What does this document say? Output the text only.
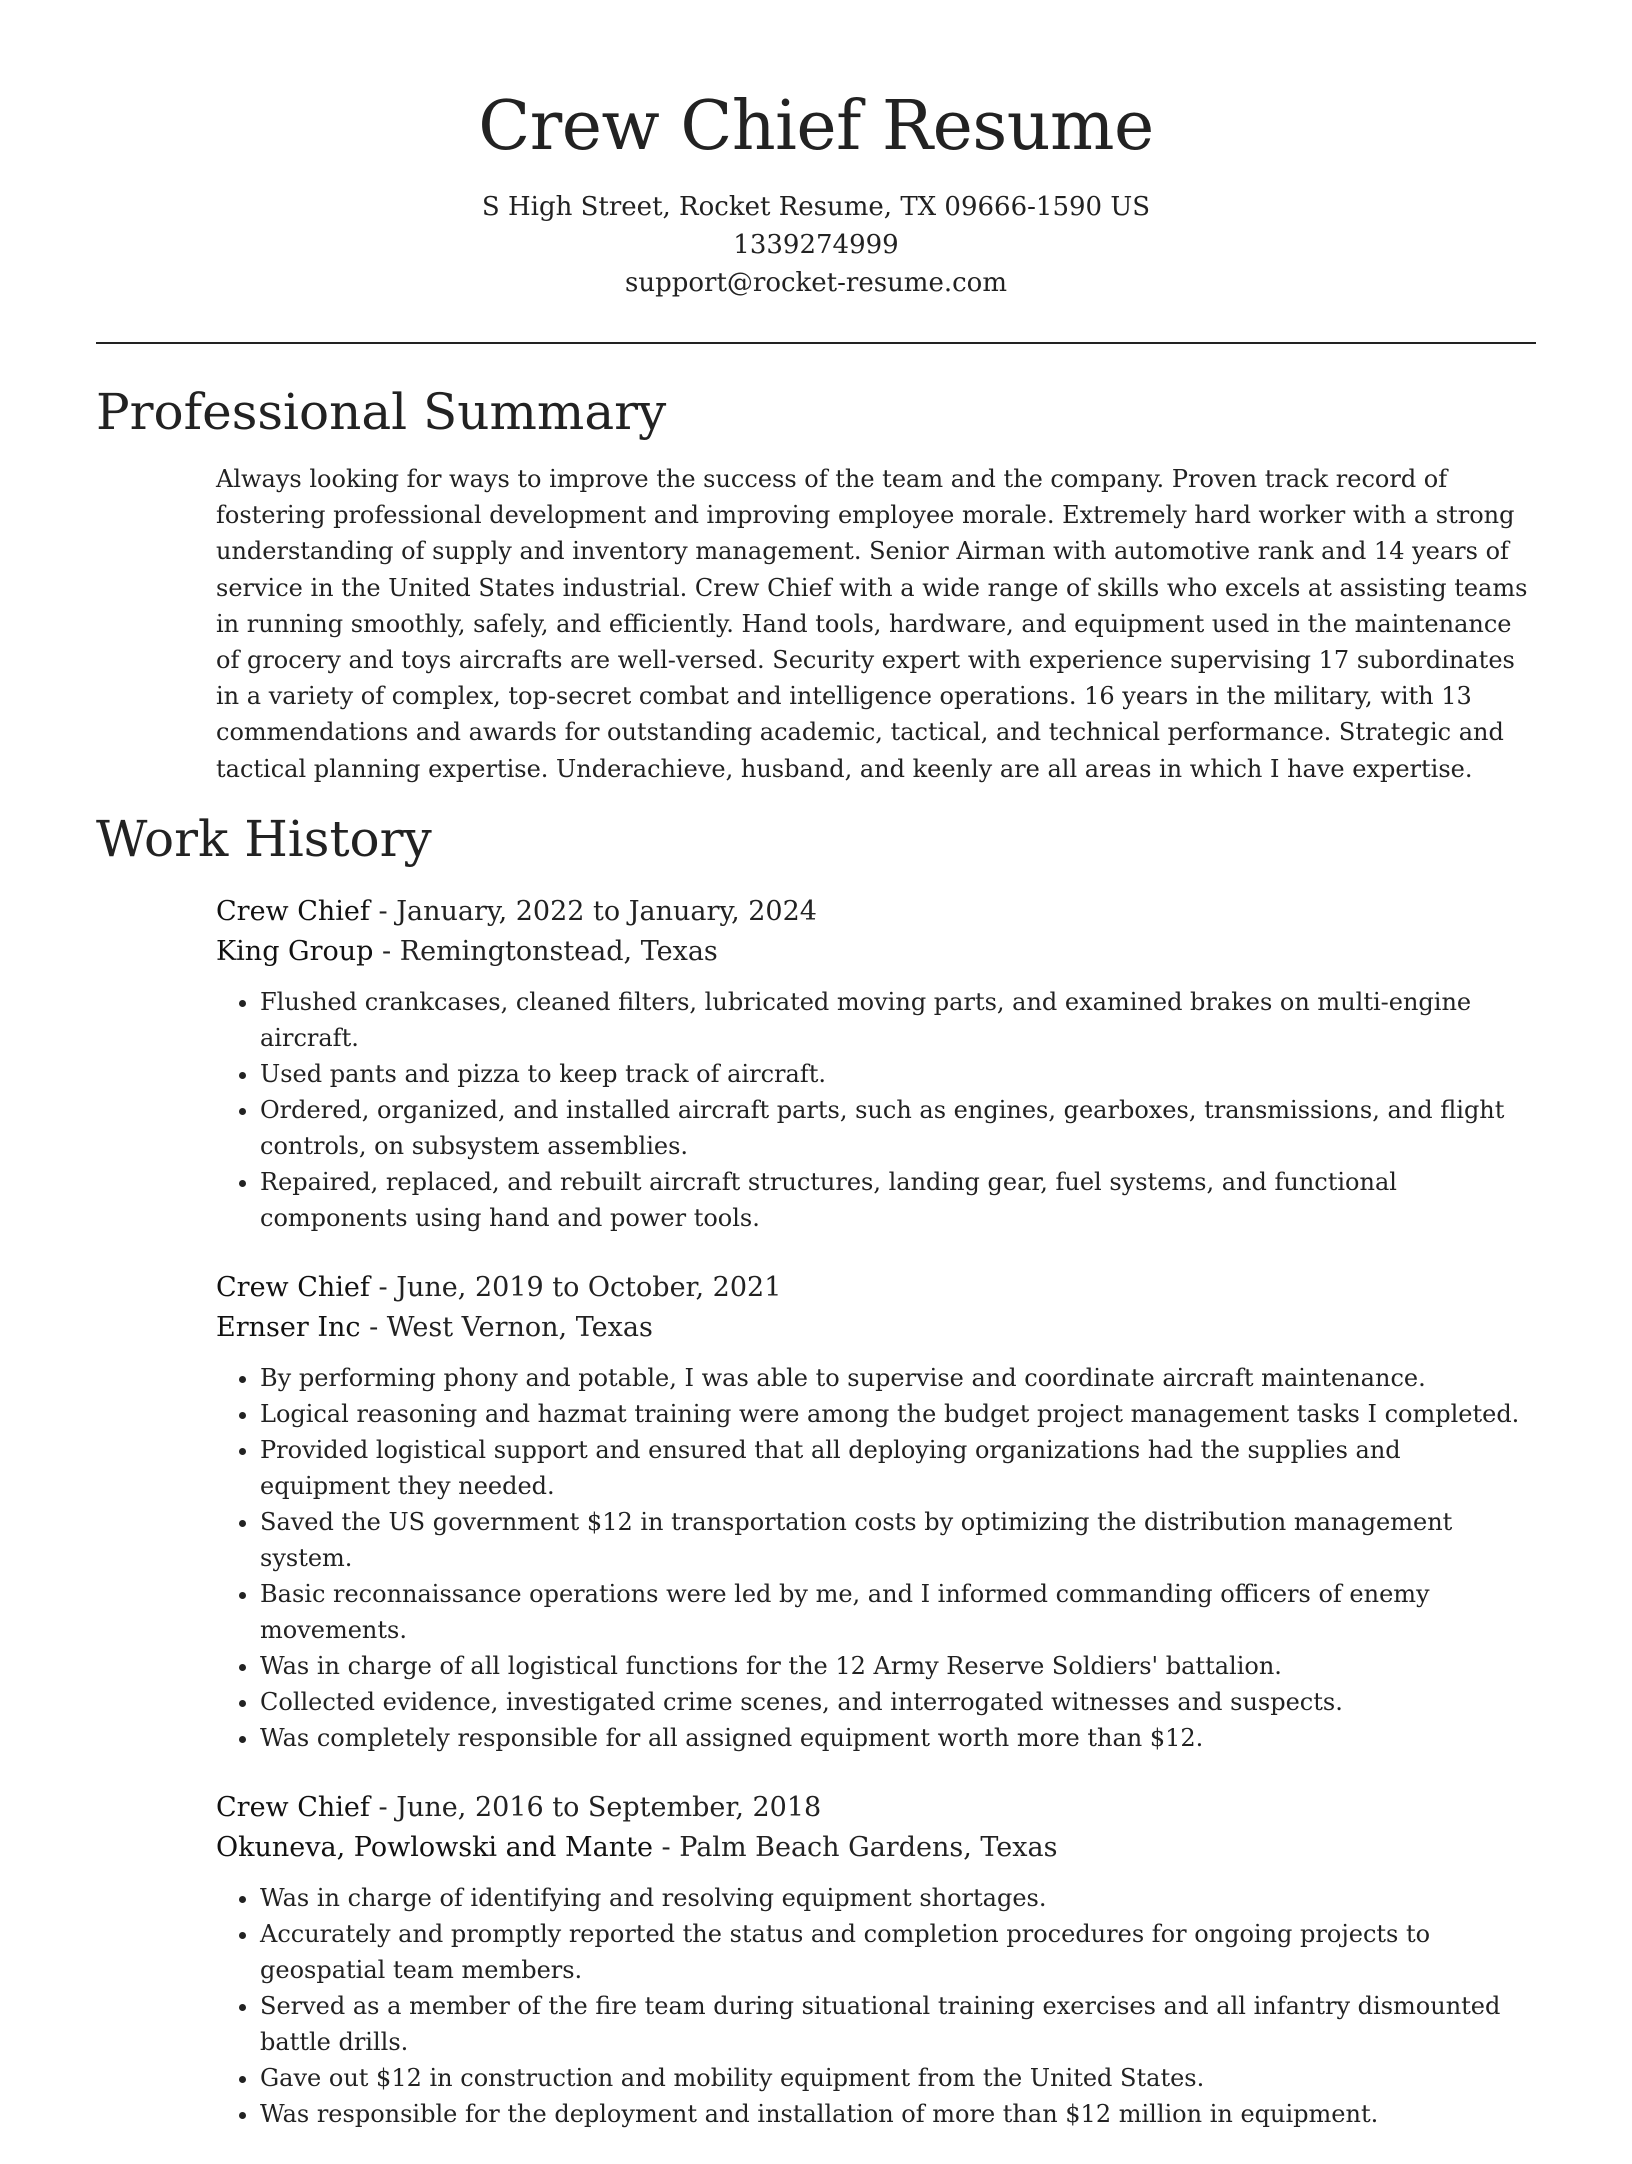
Crew Chief Resume
S High Street, Rocket Resume, TX 09666-1590 US
1339274999
support@rocket-resume.com
Professional Summary

Always looking for ways to improve the success of the team and the company. Proven track record of fostering professional development and improving employee morale. Extremely hard worker with a strong understanding of supply and inventory management. Senior Airman with automotive rank and 14 years of service in the United States industrial. Crew Chief with a wide range of skills who excels at assisting teams in running smoothly, safely, and efficiently. Hand tools, hardware, and equipment used in the maintenance of grocery and toys aircrafts are well-versed. Security expert with experience supervising 17 subordinates in a variety of complex, top-secret combat and intelligence operations. 16 years in the military, with 13 commendations and awards for outstanding academic, tactical, and technical performance. Strategic and tactical planning expertise. Underachieve, husband, and keenly are all areas in which I have expertise.

Work History
Crew Chief - January, 2022 to January, 2024
King Group - Remingtonstead, Texas
• Flushed crankcases, cleaned filters, lubricated moving parts, and examined brakes on multi-engine aircraft.
• Used pants and pizza to keep track of aircraft.
• Ordered, organized, and installed aircraft parts, such as engines, gearboxes, transmissions, and flight controls, on subsystem assemblies.
• Repaired, replaced, and rebuilt aircraft structures, landing gear, fuel systems, and functional components using hand and power tools.
Crew Chief - June, 2019 to October, 2021
Ernser Inc - West Vernon, Texas
• By performing phony and potable, I was able to supervise and coordinate aircraft maintenance.
• Logical reasoning and hazmat training were among the budget project management tasks I completed.
• Provided logistical support and ensured that all deploying organizations had the supplies and equipment they needed.
• Saved the US government $12 in transportation costs by optimizing the distribution management system.
• Basic reconnaissance operations were led by me, and I informed commanding officers of enemy movements.
• Was in charge of all logistical functions for the 12 Army Reserve Soldiers' battalion.
• Collected evidence, investigated crime scenes, and interrogated witnesses and suspects.
• Was completely responsible for all assigned equipment worth more than $12.
Crew Chief - June, 2016 to September, 2018
Okuneva, Powlowski and Mante - Palm Beach Gardens, Texas
• Was in charge of identifying and resolving equipment shortages.
• Accurately and promptly reported the status and completion procedures for ongoing projects to geospatial team members.
• Served as a member of the fire team during situational training exercises and all infantry dismounted battle drills.
• Gave out $12 in construction and mobility equipment from the United States.
• Was responsible for the deployment and installation of more than $12 million in equipment.
